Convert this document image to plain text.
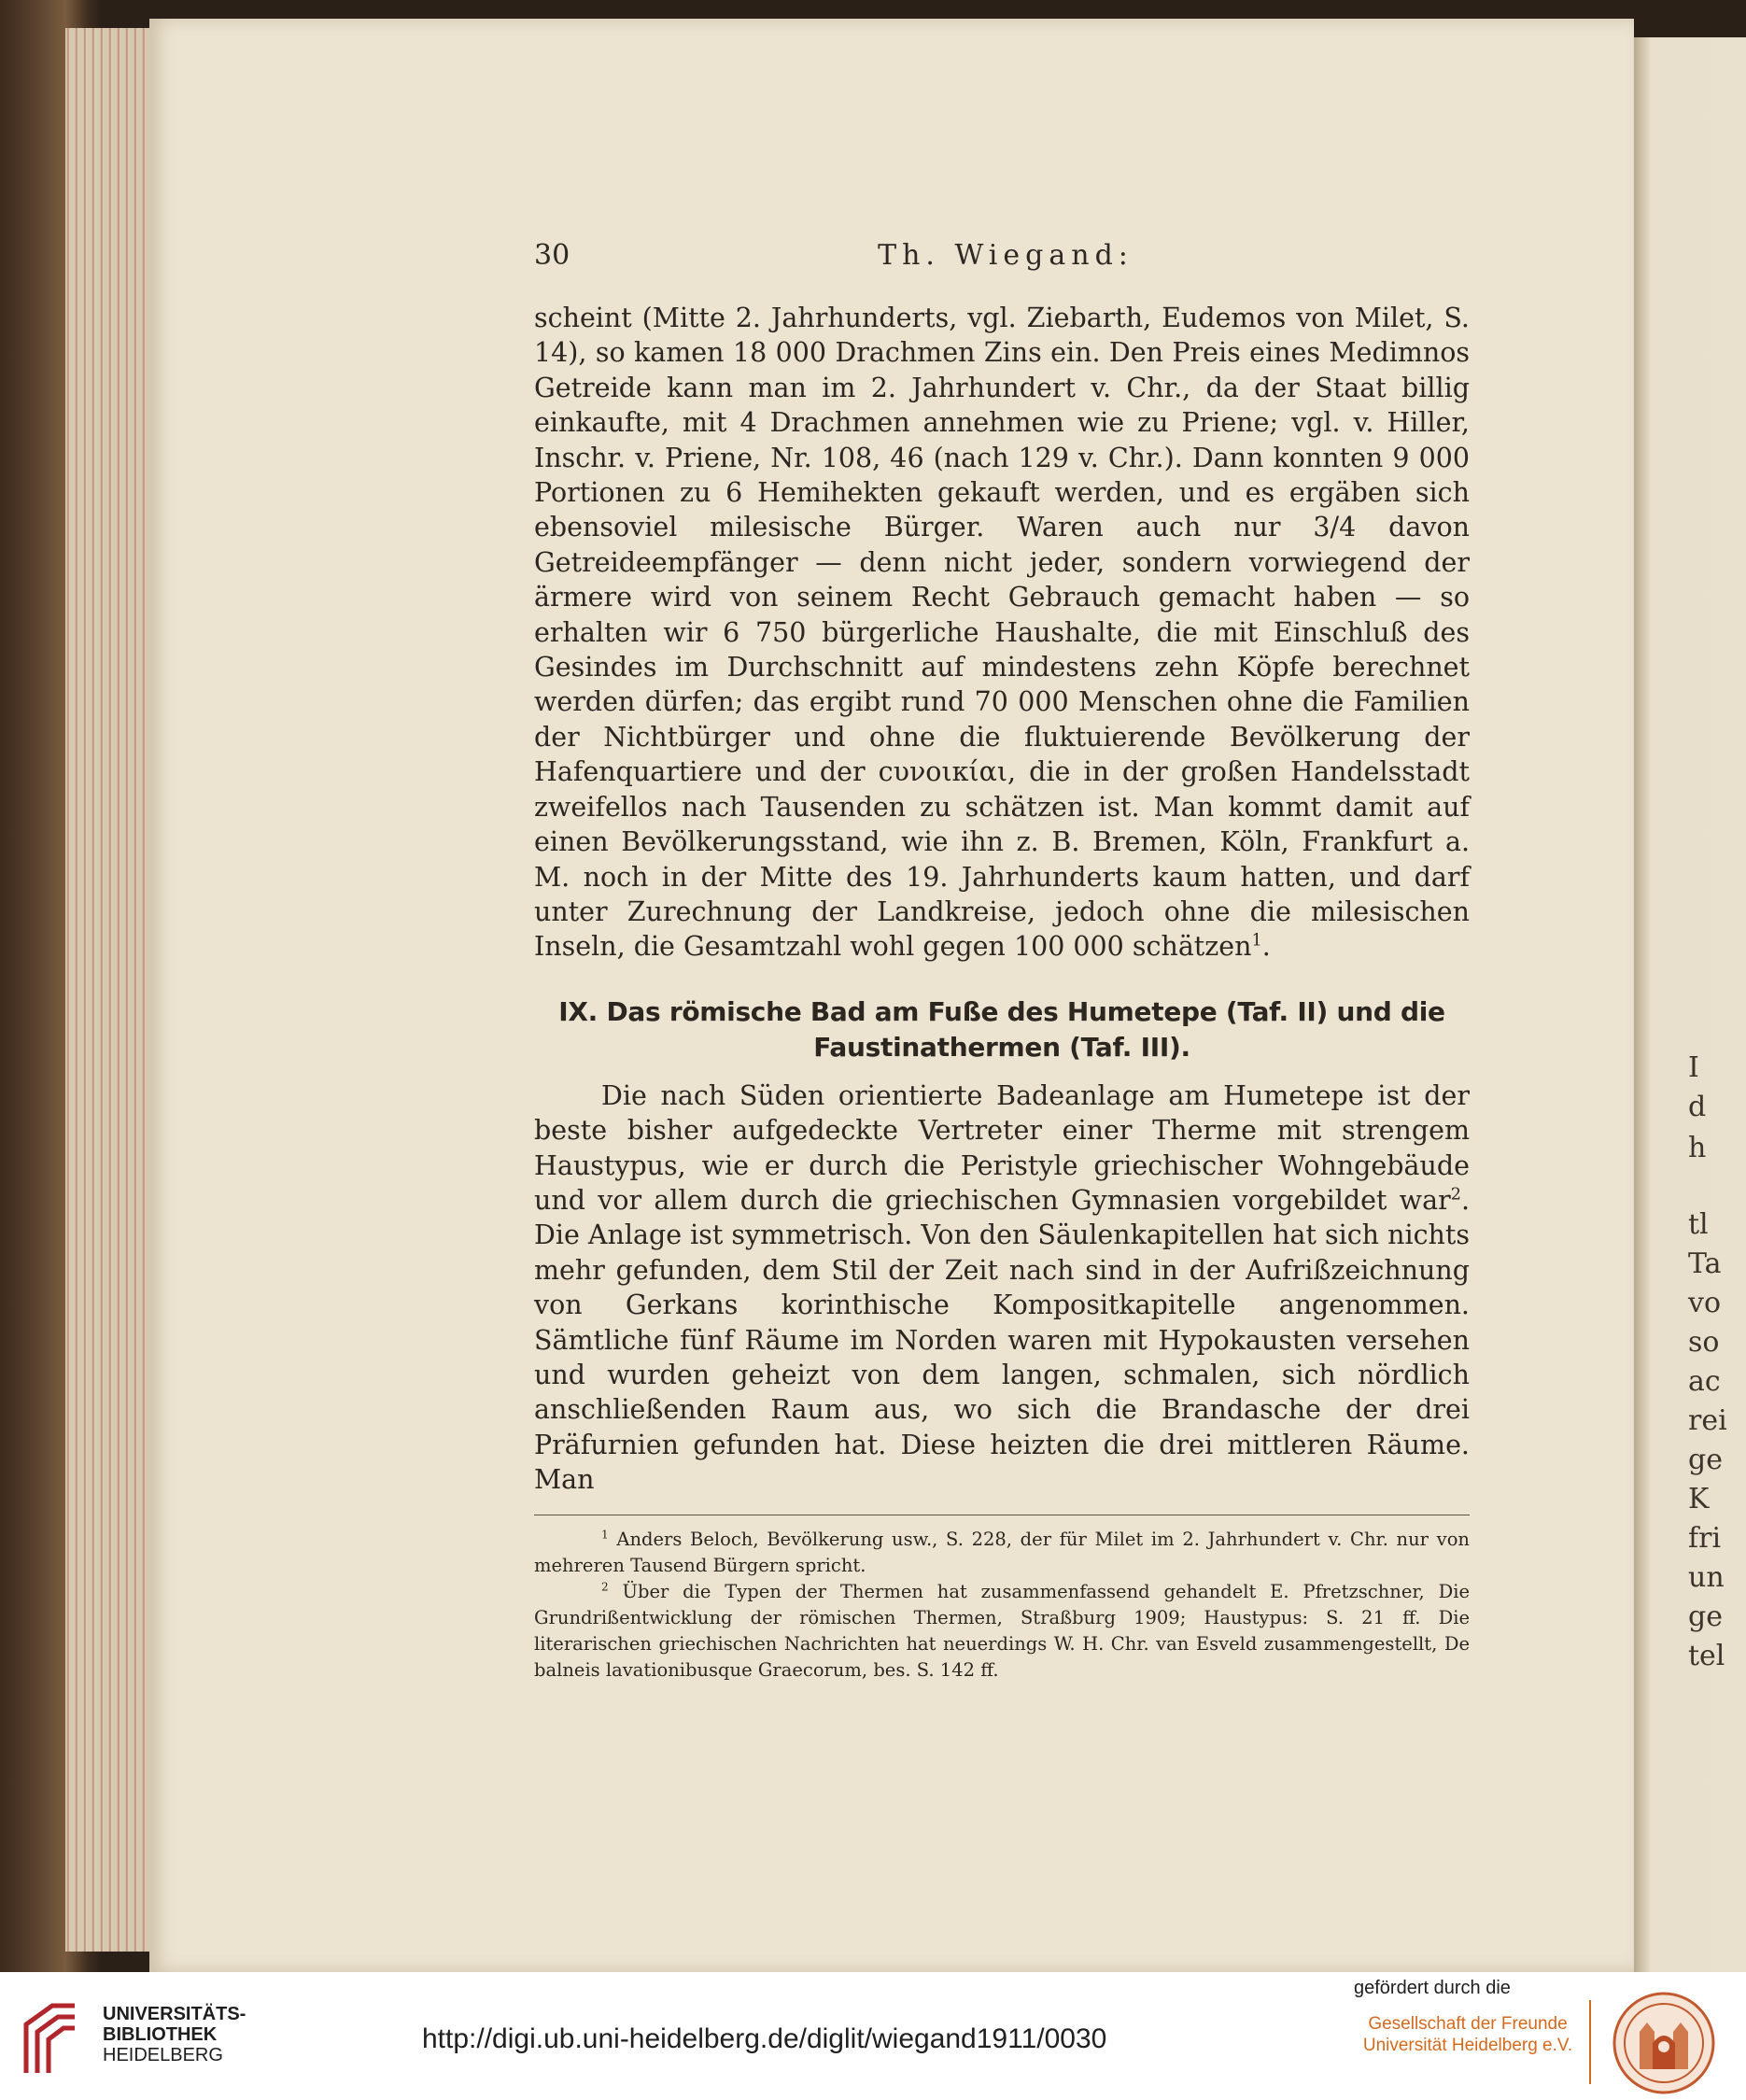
I
d
h
tl
Ta
vo
so
ac
rei
ge
K
fri
un
ge
tel
30	Th. Wiegand:

scheint (Mitte 2. Jahrhunderts, vgl. Ziebarth, Eudemos von Milet, S. 14), so kamen 18 000 Drachmen Zins ein. Den Preis eines Medimnos Getreide kann man im 2. Jahrhundert v. Chr., da der Staat billig einkaufte, mit 4 Drachmen annehmen wie zu Priene; vgl. v. Hiller, Inschr. v. Priene, Nr. 108, 46 (nach 129 v. Chr.). Dann konnten 9 000 Portionen zu 6 Hemihekten gekauft werden, und es ergäben sich ebensoviel milesische Bürger. Waren auch nur 3/4 davon Getreideempfänger — denn nicht jeder, sondern vorwiegend der ärmere wird von seinem Recht Gebrauch gemacht haben — so erhalten wir 6 750 bürgerliche Haushalte, die mit Einschluß des Gesindes im Durchschnitt auf mindestens zehn Köpfe berechnet werden dürfen; das ergibt rund 70 000 Menschen ohne die Familien der Nichtbürger und ohne die fluktuierende Bevölkerung der Hafenquartiere und der ϲυνοικίαι, die in der großen Handelsstadt zweifellos nach Tausenden zu schätzen ist. Man kommt damit auf einen Bevölkerungsstand, wie ihn z. B. Bremen, Köln, Frankfurt a. M. noch in der Mitte des 19. Jahrhunderts kaum hatten, und darf unter Zurechnung der Landkreise, jedoch ohne die milesischen Inseln, die Gesamtzahl wohl gegen 100 000 schätzen$^1$.

IX. Das römische Bad am Fuße des Humetepe (Taf. II) und die Faustinathermen (Taf. III).

Die nach Süden orientierte Badeanlage am Humetepe ist der beste bisher aufgedeckte Vertreter einer Therme mit strengem Haustypus, wie er durch die Peristyle griechischer Wohngebäude und vor allem durch die griechischen Gymnasien vorgebildet war$^2$. Die Anlage ist symmetrisch. Von den Säulenkapitellen hat sich nichts mehr gefunden, dem Stil der Zeit nach sind in der Aufrißzeichnung von Gerkans korinthische Kompositkapitelle angenommen. Sämtliche fünf Räume im Norden waren mit Hypokausten versehen und wurden geheizt von dem langen, schmalen, sich nördlich anschließenden Raum aus, wo sich die Brandasche der drei Präfurnien gefunden hat. Diese heizten die drei mittleren Räume. Man

$^1$ Anders Beloch, Bevölkerung usw., S. 228, der für Milet im 2. Jahrhundert v. Chr. nur von mehreren Tausend Bürgern spricht.

$^2$ Über die Typen der Thermen hat zusammenfassend gehandelt E. Pfretzschner, Die Grundrißentwicklung der römischen Thermen, Straßburg 1909; Haustypus: S. 21 ff. Die literarischen griechischen Nachrichten hat neuerdings W. H. Chr. van Esveld zusammengestellt, De balneis lavationibusque Graecorum, bes. S. 142 ff.

UNIVERSITÄTS-
BIBLIOTHEK
HEIDELBERG
http://digi.ub.uni-heidelberg.de/diglit/wiegand1911/0030
gefördert durch die
Gesellschaft der Freunde
Universität Heidelberg e.V.
